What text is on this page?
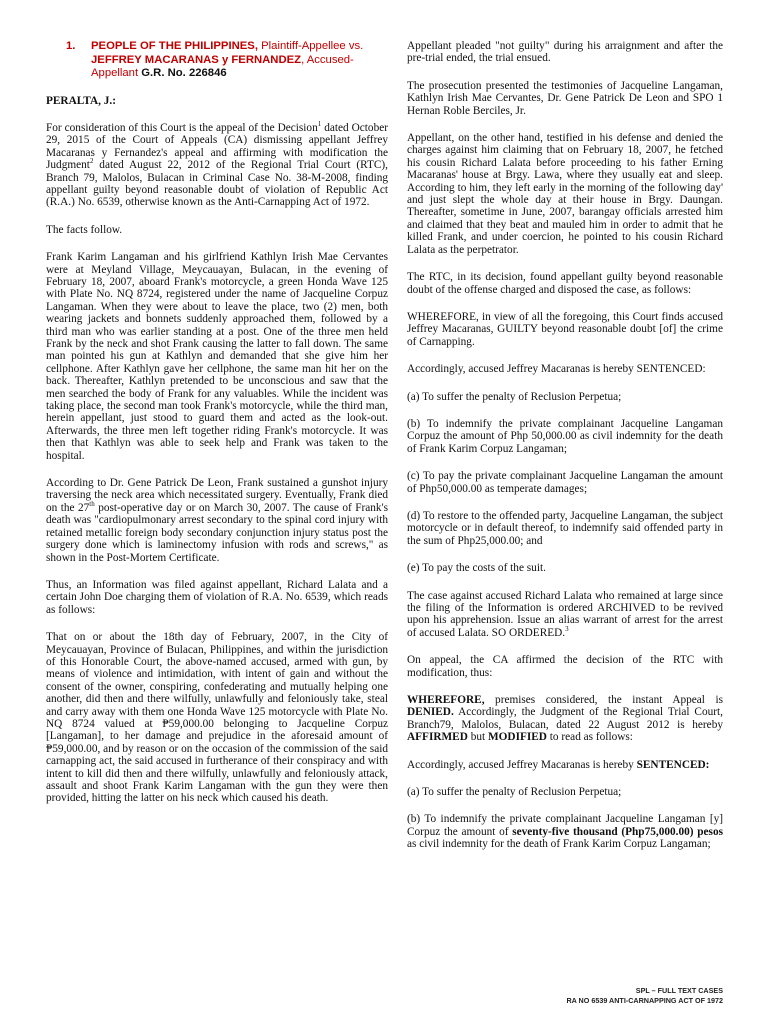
1. PEOPLE OF THE PHILIPPINES, Plaintiff-Appellee vs. JEFFREY MACARANAS y FERNANDEZ, Accused-Appellant G.R. No. 226846

PERALTA, J.:

For consideration of this Court is the appeal of the Decision$^1$ dated October 29, 2015 of the Court of Appeals (CA) dismissing appellant Jeffrey Macaranas y Fernandez's appeal and affirming with modification the Judgment$^2$ dated August 22, 2012 of the Regional Trial Court (RTC), Branch 79, Malolos, Bulacan in Criminal Case No. 38-M-2008, finding appellant guilty beyond reasonable doubt of violation of Republic Act (R.A.) No. 6539, otherwise known as the Anti-Carnapping Act of 1972.

The facts follow.

Frank Karim Langaman and his girlfriend Kathlyn Irish Mae Cervantes were at Meyland Village, Meycauayan, Bulacan, in the evening of February 18, 2007, aboard Frank's motorcycle, a green Honda Wave 125 with Plate No. NQ 8724, registered under the name of Jacqueline Corpuz Langaman. When they were about to leave the place, two (2) men, both wearing jackets and bonnets suddenly approached them, followed by a third man who was earlier standing at a post. One of the three men held Frank by the neck and shot Frank causing the latter to fall down. The same man pointed his gun at Kathlyn and demanded that she give him her cellphone. After Kathlyn gave her cellphone, the same man hit her on the back. Thereafter, Kathlyn pretended to be unconscious and saw that the men searched the body of Frank for any valuables. While the incident was taking place, the second man took Frank's motorcycle, while the third man, herein appellant, just stood to guard them and acted as the look-out. Afterwards, the three men left together riding Frank's motorcycle. It was then that Kathlyn was able to seek help and Frank was taken to the hospital.

According to Dr. Gene Patrick De Leon, Frank sustained a gunshot injury traversing the neck area which necessitated surgery. Eventually, Frank died on the 27th post-operative day or on March 30, 2007. The cause of Frank's death was "cardiopulmonary arrest secondary to the spinal cord injury with retained metallic foreign body secondary conjunction injury status post the surgery done which is laminectomy infusion with rods and screws," as shown in the Post-Mortem Certificate.

Thus, an Information was filed against appellant, Richard Lalata and a certain John Doe charging them of violation of R.A. No. 6539, which reads as follows:

That on or about the 18th day of February, 2007, in the City of Meycauayan, Province of Bulacan, Philippines, and within the jurisdiction of this Honorable Court, the above-named accused, armed with gun, by means of violence and intimidation, with intent of gain and without the consent of the owner, conspiring, confederating and mutually helping one another, did then and there wilfully, unlawfully and feloniously take, steal and carry away with them one Honda Wave 125 motorcycle with Plate No. NQ 8724 valued at ₱59,000.00 belonging to Jacqueline Corpuz [Langaman], to her damage and prejudice in the aforesaid amount of ₱59,000.00, and by reason or on the occasion of the commission of the said carnapping act, the said accused in furtherance of their conspiracy and with intent to kill did then and there wilfully, unlawfully and feloniously attack, assault and shoot Frank Karim Langaman with the gun they were then provided, hitting the latter on his neck which caused his death.

Appellant pleaded "not guilty" during his arraignment and after the pre-trial ended, the trial ensued.

The prosecution presented the testimonies of Jacqueline Langaman, Kathlyn Irish Mae Cervantes, Dr. Gene Patrick De Leon and SPO 1 Hernan Roble Berciles, Jr.

Appellant, on the other hand, testified in his defense and denied the charges against him claiming that on February 18, 2007, he fetched his cousin Richard Lalata before proceeding to his father Erning Macaranas' house at Brgy. Lawa, where they usually eat and sleep. According to him, they left early in the morning of the following day' and just slept the whole day at their house in Brgy. Daungan. Thereafter, sometime in June, 2007, barangay officials arrested him and claimed that they beat and mauled him in order to admit that he killed Frank, and under coercion, he pointed to his cousin Richard Lalata as the perpetrator.

The RTC, in its decision, found appellant guilty beyond reasonable doubt of the offense charged and disposed the case, as follows:

WHEREFORE, in view of all the foregoing, this Court finds accused Jeffrey Macaranas, GUILTY beyond reasonable doubt [of] the crime of Carnapping.

Accordingly, accused Jeffrey Macaranas is hereby SENTENCED:

(a) To suffer the penalty of Reclusion Perpetua;

(b) To indemnify the private complainant Jacqueline Langaman Corpuz the amount of Php 50,000.00 as civil indemnity for the death of Frank Karim Corpuz Langaman;

(c) To pay the private complainant Jacqueline Langaman the amount of Php50,000.00 as temperate damages;

(d) To restore to the offended party, Jacqueline Langaman, the subject motorcycle or in default thereof, to indemnify said offended party in the sum of Php25,000.00; and

(e) To pay the costs of the suit.

The case against accused Richard Lalata who remained at large since the filing of the Information is ordered ARCHIVED to be revived upon his apprehension. Issue an alias warrant of arrest for the arrest of accused Lalata. SO ORDERED.$^3$

On appeal, the CA affirmed the decision of the RTC with modification, thus:

WHEREFORE, premises considered, the instant Appeal is DENIED. Accordingly, the Judgment of the Regional Trial Court, Branch79, Malolos, Bulacan, dated 22 August 2012 is hereby AFFIRMED but MODIFIED to read as follows:

Accordingly, accused Jeffrey Macaranas is hereby SENTENCED:

(a) To suffer the penalty of Reclusion Perpetua;

(b) To indemnify the private complainant Jacqueline Langaman [y] Corpuz the amount of seventy-five thousand (Php75,000.00) pesos as civil indemnity for the death of Frank Karim Corpuz Langaman;

SPL – FULL TEXT CASES
RA NO 6539 ANTI-CARNAPPING ACT OF 1972
